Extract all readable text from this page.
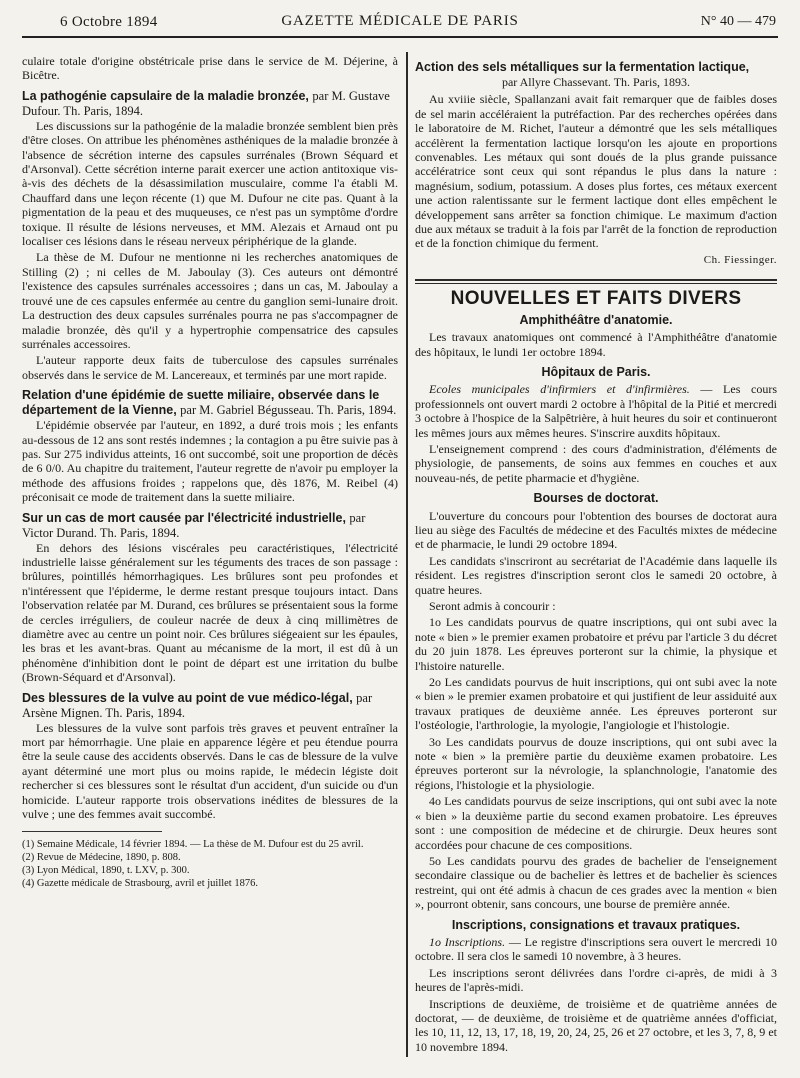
6 Octobre 1894	GAZETTE MÉDICALE DE PARIS	N° 40 — 479

culaire totale d'origine obstétricale prise dans le service de M. Déjerine, à Bicêtre.

La pathogénie capsulaire de la maladie bronzée, par M. Gustave Dufour. Th. Paris, 1894.

Les discussions sur la pathogénie de la maladie bronzée semblent bien près d'être closes. On attribue les phénomènes asthéniques de la maladie bronzée à l'absence de sécrétion interne des capsules surrénales (Brown Séquard et d'Arsonval). Cette sécrétion interne parait exercer une action antitoxique vis-à-vis des déchets de la désassimilation musculaire, comme l'a établi M. Chauffard dans une leçon récente (1) que M. Dufour ne cite pas. Quant à la pigmentation de la peau et des muqueuses, ce n'est pas un symptôme d'ordre toxique. Il résulte de lésions nerveuses, et MM. Alezais et Arnaud ont pu localiser ces lésions dans le réseau nerveux périphérique de la glande.

La thèse de M. Dufour ne mentionne ni les recherches anatomiques de Stilling (2) ; ni celles de M. Jaboulay (3). Ces auteurs ont démontré l'existence des capsules surrénales accessoires ; dans un cas, M. Jaboulay a trouvé une de ces capsules enfermée au centre du ganglion semi-lunaire droit. La destruction des deux capsules surrénales pourra ne pas s'accompagner de maladie bronzée, dès qu'il y a hypertrophie compensatrice des capsules surrénales accessoires.

L'auteur rapporte deux faits de tuberculose des capsules surrénales observés dans le service de M. Lancereaux, et terminés par une mort rapide.

Relation d'une épidémie de suette miliaire, observée dans le département de la Vienne, par M. Gabriel Bégusseau. Th. Paris, 1894.

L'épidémie observée par l'auteur, en 1892, a duré trois mois ; les enfants au-dessous de 12 ans sont restés indemnes ; la contagion a pu être suivie pas à pas. Sur 275 individus atteints, 16 ont succombé, soit une proportion de décès de 6 0/0. Au chapitre du traitement, l'auteur regrette de n'avoir pu employer la méthode des affusions froides ; rappelons que, dès 1876, M. Reibel (4) préconisait ce mode de traitement dans la suette miliaire.

Sur un cas de mort causée par l'électricité industrielle, par Victor Durand. Th. Paris, 1894.

En dehors des lésions viscérales peu caractéristiques, l'électricité industrielle laisse généralement sur les téguments des traces de son passage : brûlures, pointillés hémorrhagiques. Les brûlures sont peu profondes et n'intéressent que l'épiderme, le derme restant presque toujours intact. Dans l'observation relatée par M. Durand, ces brûlures se présentaient sous la forme de cercles irréguliers, de couleur nacrée de deux à cinq millimètres de diamètre avec au centre un point noir. Ces brûlures siégeaient sur les épaules, les bras et les avant-bras. Quant au mécanisme de la mort, il est dû à un phénomène d'inhibition dont le point de départ est une irritation du bulbe (Brown-Séquard et d'Arsonval).

Des blessures de la vulve au point de vue médico-légal, par Arsène Mignen. Th. Paris, 1894.

Les blessures de la vulve sont parfois très graves et peuvent entraîner la mort par hémorrhagie. Une plaie en apparence légère et peu étendue pourra être la seule cause des accidents observés. Dans le cas de blessure de la vulve ayant déterminé une mort plus ou moins rapide, le médecin légiste doit rechercher si ces blessures sont le résultat d'un accident, d'un suicide ou d'un homicide. L'auteur rapporte trois observations inédites de blessures de la vulve ; une des femmes avait succombé.

(1) Semaine Médicale, 14 février 1894. — La thèse de M. Dufour est du 25 avril.

(2) Revue de Médecine, 1890, p. 808.

(3) Lyon Médical, 1890, t. LXV, p. 300.

(4) Gazette médicale de Strasbourg, avril et juillet 1876.

Action des sels métalliques sur la fermentation lactique,
par Allyre Chassevant. Th. Paris, 1893.

Au xviiie siècle, Spallanzani avait fait remarquer que de faibles doses de sel marin accéléraient la putréfaction. Par des recherches opérées dans le laboratoire de M. Richet, l'auteur a démontré que les sels métalliques accélèrent la fermentation lactique lorsqu'on les ajoute en proportions convenables. Les métaux qui sont doués de la plus grande puissance accélératrice sont ceux qui sont répandus le plus dans la nature : magnésium, sodium, potassium. A doses plus fortes, ces métaux exercent une action ralentissante sur le ferment lactique dont elles empêchent le développement sans arrêter sa fonction chimique. Le maximum d'action due aux métaux se traduit à la fois par l'arrêt de la fonction de reproduction et de la fonction chimique du ferment.

Ch. Fiessinger.
NOUVELLES ET FAITS DIVERS
Amphithéâtre d'anatomie.

Les travaux anatomiques ont commencé à l'Amphithéâtre d'anatomie des hôpitaux, le lundi 1er octobre 1894.

Hôpitaux de Paris.

Ecoles municipales d'infirmiers et d'infirmières. — Les cours professionnels ont ouvert mardi 2 octobre à l'hôpital de la Pitié et mercredi 3 octobre à l'hospice de la Salpêtrière, à huit heures du soir et continueront les mêmes jours aux mêmes heures. S'inscrire auxdits hôpitaux.

L'enseignement comprend : des cours d'administration, d'éléments de physiologie, de pansements, de soins aux femmes en couches et aux nouveau-nés, de petite pharmacie et d'hygiène.

Bourses de doctorat.

L'ouverture du concours pour l'obtention des bourses de doctorat aura lieu au siège des Facultés de médecine et des Facultés mixtes de médecine et de pharmacie, le lundi 29 octobre 1894.

Les candidats s'inscriront au secrétariat de l'Académie dans laquelle ils résident. Les registres d'inscription seront clos le samedi 20 octobre, à quatre heures.

Seront admis à concourir :

1o Les candidats pourvus de quatre inscriptions, qui ont subi avec la note « bien » le premier examen probatoire et prévu par l'article 3 du décret du 20 juin 1878. Les épreuves porteront sur la chimie, la physique et l'histoire naturelle.

2o Les candidats pourvus de huit inscriptions, qui ont subi avec la note « bien » le premier examen probatoire et qui justifient de leur assiduité aux travaux pratiques de deuxième année. Les épreuves porteront sur l'ostéologie, l'arthrologie, la myologie, l'angiologie et l'histologie.

3o Les candidats pourvus de douze inscriptions, qui ont subi avec la note « bien » la première partie du deuxième examen probatoire. Les épreuves porteront sur la névrologie, la splanchnologie, l'anatomie des régions, l'histologie et la physiologie.

4o Les candidats pourvus de seize inscriptions, qui ont subi avec la note « bien » la deuxième partie du second examen probatoire. Les épreuves sont : une composition de médecine et de chirurgie. Deux heures sont accordées pour chacune de ces compositions.

5o Les candidats pourvu des grades de bachelier de l'enseignement secondaire classique ou de bachelier ès lettres et de bachelier ès sciences restreint, qui ont été admis à chacun de ces grades avec la mention « bien », pourront obtenir, sans concours, une bourse de première année.

Inscriptions, consignations et travaux pratiques.

1o Inscriptions. — Le registre d'inscriptions sera ouvert le mercredi 10 octobre. Il sera clos le samedi 10 novembre, à 3 heures.

Les inscriptions seront délivrées dans l'ordre ci-après, de midi à 3 heures de l'après-midi.

Inscriptions de deuxième, de troisième et de quatrième années de doctorat, — de deuxième, de troisième et de quatrième années d'officiat, les 10, 11, 12, 13, 17, 18, 19, 20, 24, 25, 26 et 27 octobre, et les 3, 7, 8, 9 et 10 novembre 1894.
